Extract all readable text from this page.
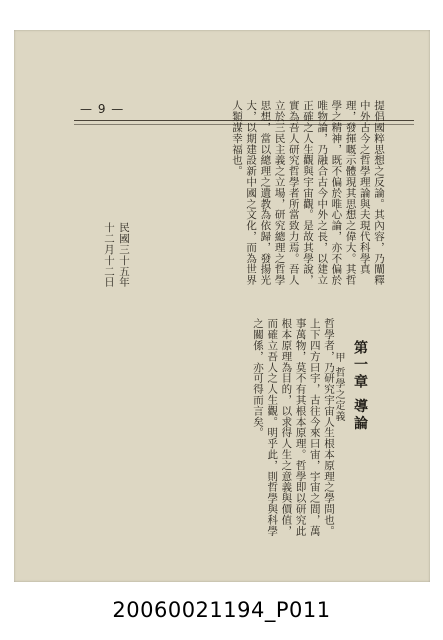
— 9 —	提倡國粹思想之反論。其內容，乃闡釋中外古今之哲學理論與夫現代科學真理，發揮嘅示體現其思想之偉大。其哲學之精神，既不偏於唯心論，亦不偏於唯物論，乃融合古今中外之長，以建立正確之人生觀與宇宙觀。是故其學說，實為吾人研究哲學者所當致力焉。吾人立於三民主義之立場，研究總理之哲學思想，當以總理之遺教為依歸，發揚光大，以期建設新中國之文化，而為世界人類謀幸福也。
民國三十五年十二月十二日
第一章 導論
甲 哲學之定義
哲學者，乃研究宇宙人生根本原理之學問也。上下四方曰宇，古往今來曰宙，宇宙之間，萬事萬物，莫不有其根本原理。哲學即以研究此根本原理為目的，以求得人生之意義與價值，而確立吾人之人生觀。明乎此，則哲學與科學之關係，亦可得而言矣。
20060021194_P011
